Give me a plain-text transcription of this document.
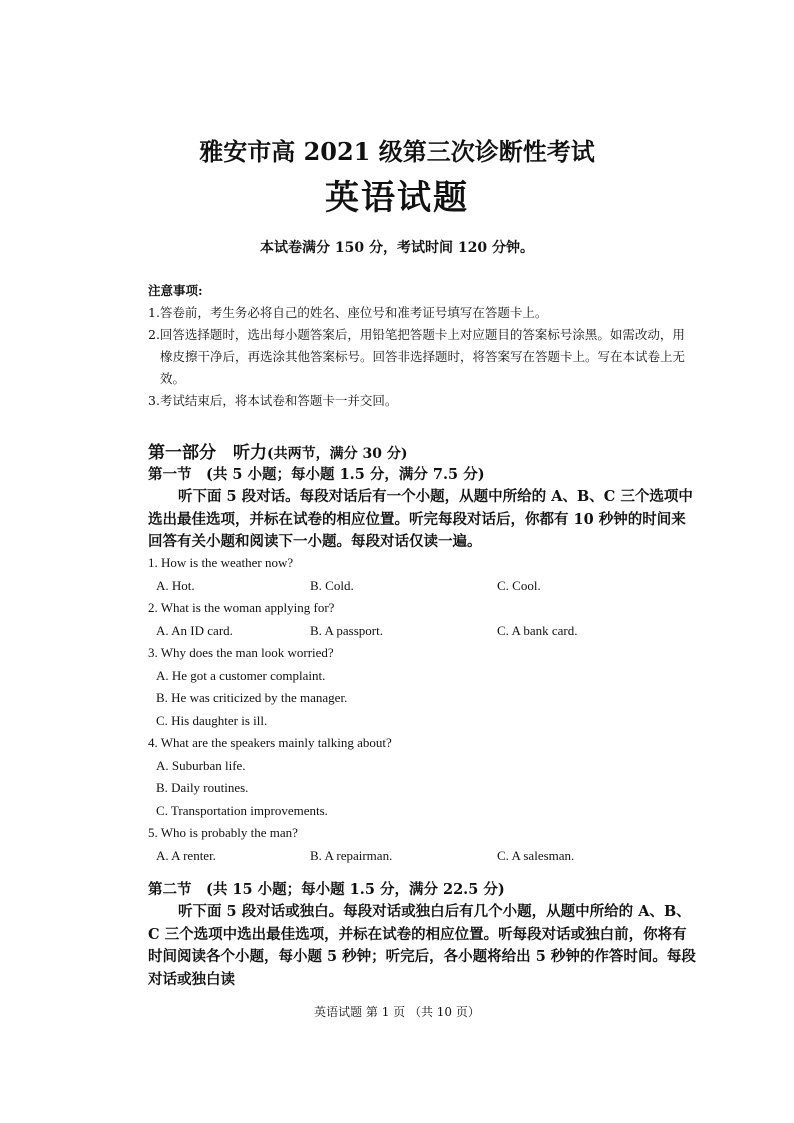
雅安市高 2021 级第三次诊断性考试
英语试题
本试卷满分 150 分，考试时间 120 分钟。
注意事项:
1.答卷前，考生务必将自己的姓名、座位号和准考证号填写在答题卡上。
2.回答选择题时，选出每小题答案后，用铅笔把答题卡上对应题目的答案标号涂黑。如需改动，用
橡皮擦干净后，再选涂其他答案标号。回答非选择题时，将答案写在答题卡上。写在本试卷上无
效。
3.考试结束后，将本试卷和答题卡一并交回。
第一部分　听力(共两节，满分 30 分)
第一节　(共 5 小题；每小题 1.5 分，满分 7.5 分)
听下面 5 段对话。每段对话后有一个小题，从题中所给的 A、B、C 三个选项中选出最佳选项，并标在试卷的相应位置。听完每段对话后，你都有 10 秒钟的时间来回答有关小题和阅读下一小题。每段对话仅读一遍。
1. How is the weather now?
A. Hot.	B. Cold.	C. Cool.
2. What is the woman applying for?
A. An ID card.	B. A passport.	C. A bank card.
3. Why does the man look worried?
A. He got a customer complaint.
B. He was criticized by the manager.
C. His daughter is ill.
4. What are the speakers mainly talking about?
A. Suburban life.
B. Daily routines.
C. Transportation improvements.
5. Who is probably the man?
A. A renter.	B. A repairman.	C. A salesman.
第二节　(共 15 小题；每小题 1.5 分，满分 22.5 分)
听下面 5 段对话或独白。每段对话或独白后有几个小题，从题中所给的 A、B、C 三个选项中选出最佳选项，并标在试卷的相应位置。听每段对话或独白前，你将有时间阅读各个小题，每小题 5 秒钟；听完后，各小题将给出 5 秒钟的作答时间。每段对话或独白读
英语试题 第 1 页 （共 10 页）
